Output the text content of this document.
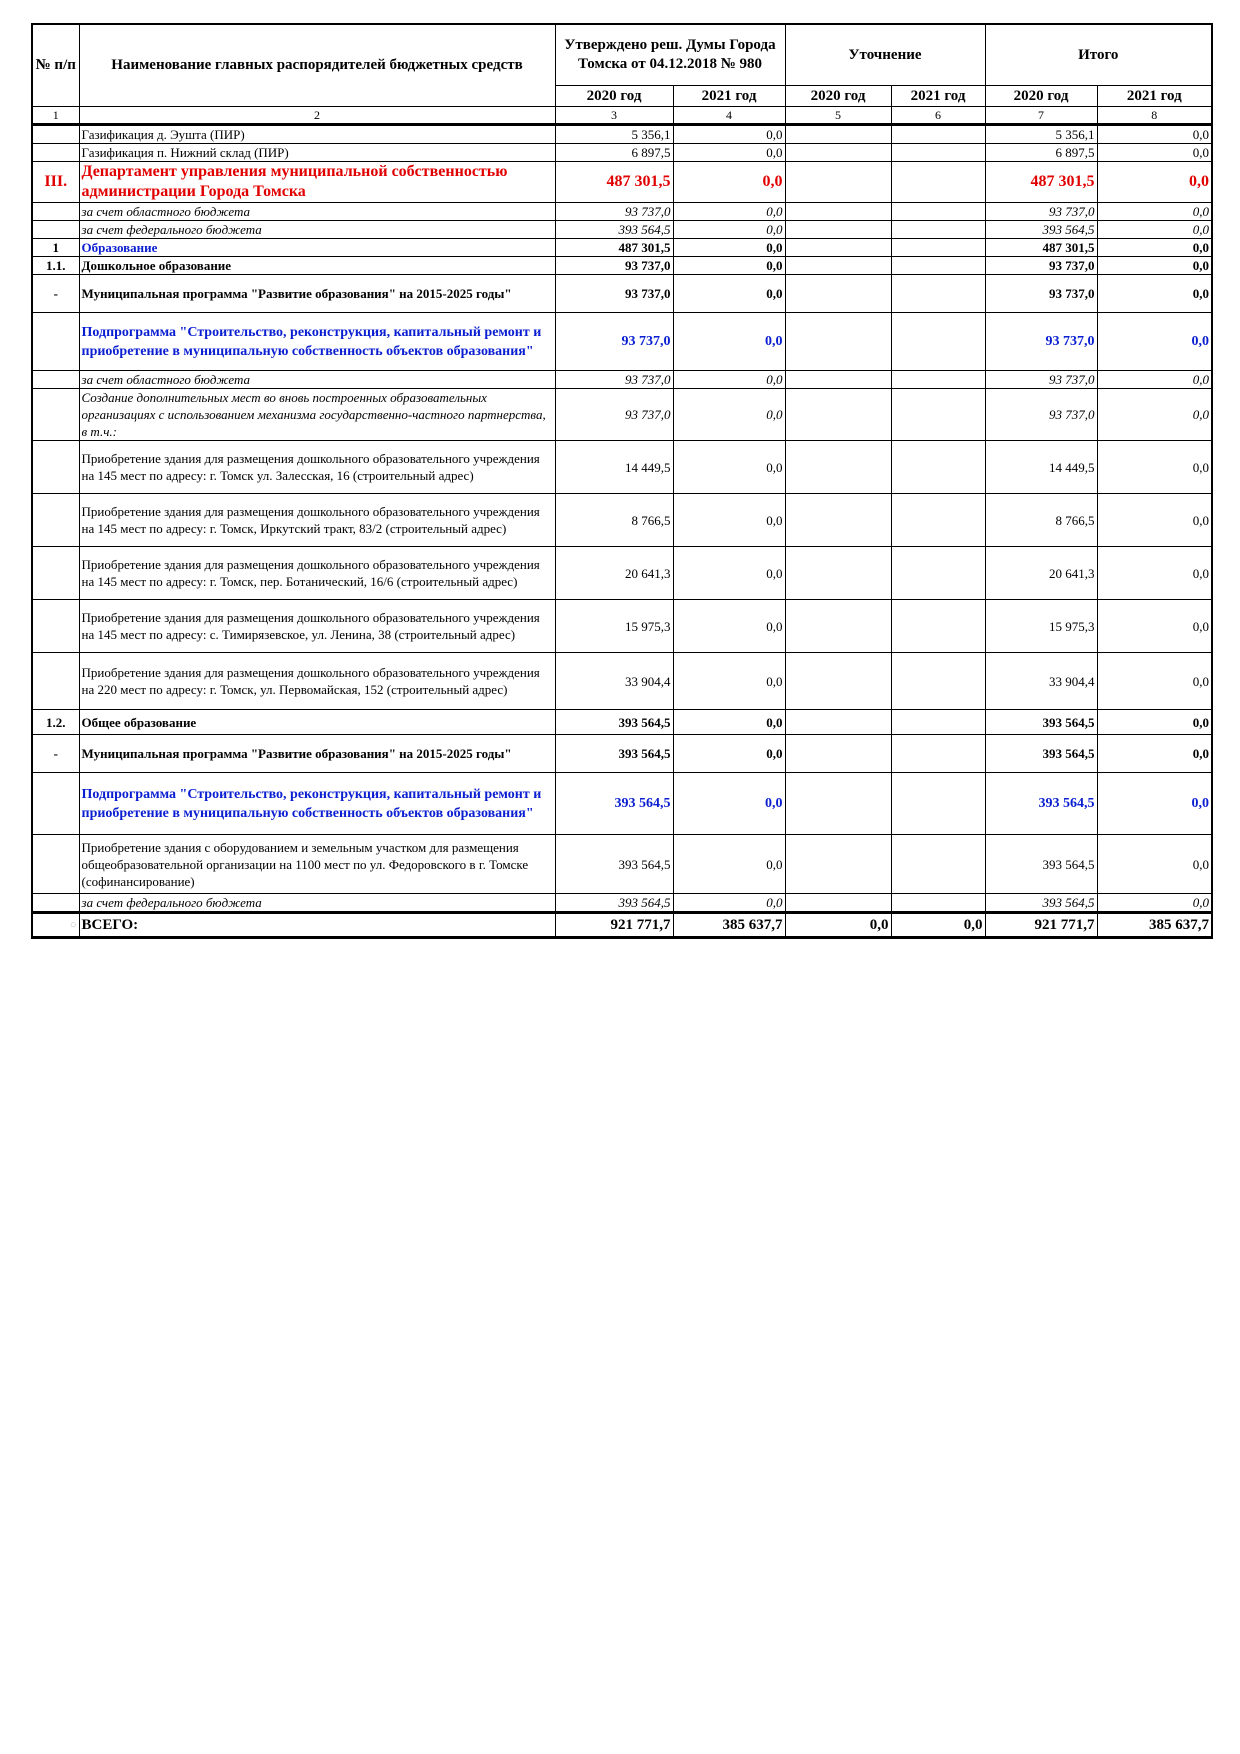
№ п/п	Наименование главных распорядителей бюджетных средств	Утверждено реш. Думы Города Томска от 04.12.2018 № 980		Уточнение		Итого	
		2020 год	2021 год	2020 год	2021 год	2020 год	2021 год
1	2	3	4	5	6	7	8
	Газификация д. Эушта (ПИР)	5 356,1	0,0			5 356,1	0,0
	Газификация п. Нижний склад (ПИР)	6 897,5	0,0			6 897,5	0,0
III.	Департамент управления муниципальной собственностью администрации Города Томска	487 301,5	0,0			487 301,5	0,0
	за счет областного бюджета	93 737,0	0,0			93 737,0	0,0
	за счет федерального бюджета	393 564,5	0,0			393 564,5	0,0
1	Образование	487 301,5	0,0			487 301,5	0,0
1.1.	Дошкольное образование	93 737,0	0,0			93 737,0	0,0
-	Муниципальная программа "Развитие образования" на 2015-2025 годы"	93 737,0	0,0			93 737,0	0,0
	Подпрограмма "Строительство, реконструкция, капитальный ремонт и приобретение в муниципальную собственность объектов образования"	93 737,0	0,0			93 737,0	0,0
	за счет областного бюджета	93 737,0	0,0			93 737,0	0,0
	Создание дополнительных мест во вновь построенных образовательных организациях с использованием механизма государственно-частного партнерства, в т.ч.:	93 737,0	0,0			93 737,0	0,0
	Приобретение здания для размещения дошкольного образовательного учреждения на 145 мест по адресу: г. Томск ул. Залесская, 16 (строительный адрес)	14 449,5	0,0			14 449,5	0,0
	Приобретение здания для размещения дошкольного образовательного учреждения на 145 мест по адресу: г. Томск, Иркутский тракт, 83/2 (строительный адрес)	8 766,5	0,0			8 766,5	0,0
	Приобретение здания для размещения дошкольного образовательного учреждения на 145 мест по адресу: г. Томск, пер. Ботанический, 16/6 (строительный адрес)	20 641,3	0,0			20 641,3	0,0
	Приобретение здания для размещения дошкольного образовательного учреждения на 145 мест по адресу: с. Тимирязевское, ул. Ленина, 38 (строительный адрес)	15 975,3	0,0			15 975,3	0,0
	Приобретение здания для размещения дошкольного образовательного учреждения на 220 мест по адресу: г. Томск, ул. Первомайская, 152 (строительный адрес)	33 904,4	0,0			33 904,4	0,0
1.2.	Общее образование	393 564,5	0,0			393 564,5	0,0
-	Муниципальная программа "Развитие образования" на 2015-2025 годы"	393 564,5	0,0			393 564,5	0,0
	Подпрограмма "Строительство, реконструкция, капитальный ремонт и приобретение в муниципальную собственность объектов образования"	393 564,5	0,0			393 564,5	0,0
	Приобретение здания с оборудованием и земельным участком для размещения общеобразовательной организации на 1100 мест по ул. Федоровского в г. Томске (софинансирование)	393 564,5	0,0			393 564,5	0,0
	за счет федерального бюджета	393 564,5	0,0			393 564,5	0,0
○	ВСЕГО:	921 771,7	385 637,7	0,0	0,0	921 771,7	385 637,7
